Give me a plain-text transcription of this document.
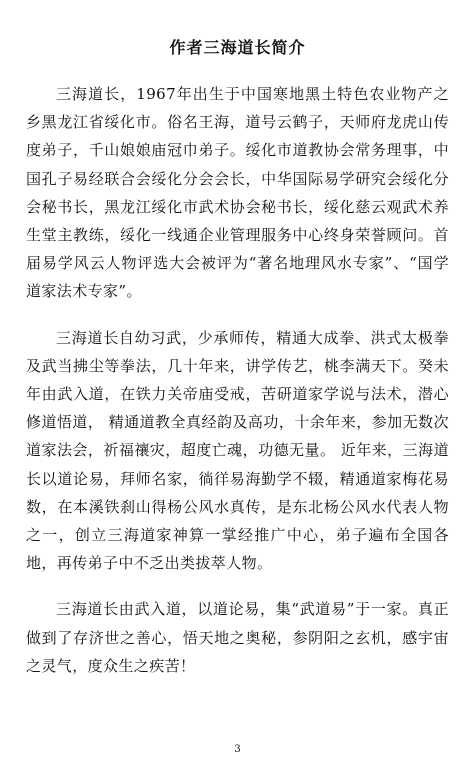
作者三海道长简介

三海道长，1967年出生于中国寒地黑土特色农业物产之乡黑龙江省绥化市。俗名王海，道号云鹤子，天师府龙虎山传度弟子，千山娘娘庙冠巾弟子。绥化市道教协会常务理事，中国孔子易经联合会绥化分会会长，中华国际易学研究会绥化分会秘书长，黑龙江绥化市武术协会秘书长，绥化慈云观武术养生堂主教练，绥化一线通企业管理服务中心终身荣誉顾问。首届易学风云人物评选大会被评为“著名地理风水专家”、“国学道家法术专家”。

三海道长自幼习武，少承师传，精通大成拳、洪式太极拳及武当拂尘等拳法，几十年来，讲学传艺，桃李满天下。癸未年由武入道，在铁力关帝庙受戒，苦研道家学说与法术，潜心修道悟道， 精通道教全真经韵及高功，十余年来，参加无数次道家法会，祈福禳灾，超度亡魂，功德无量。 近年来，三海道长以道论易，拜师名家，徜徉易海勤学不辍，精通道家梅花易数，在本溪铁刹山得杨公风水真传，是东北杨公风水代表人物之一，创立三海道家神算一掌经推广中心，弟子遍布全国各地，再传弟子中不乏出类拔萃人物。

三海道长由武入道，以道论易，集“武道易”于一家。真正做到了存济世之善心，悟天地之奥秘，参阴阳之玄机，感宇宙之灵气，度众生之疾苦！

3
